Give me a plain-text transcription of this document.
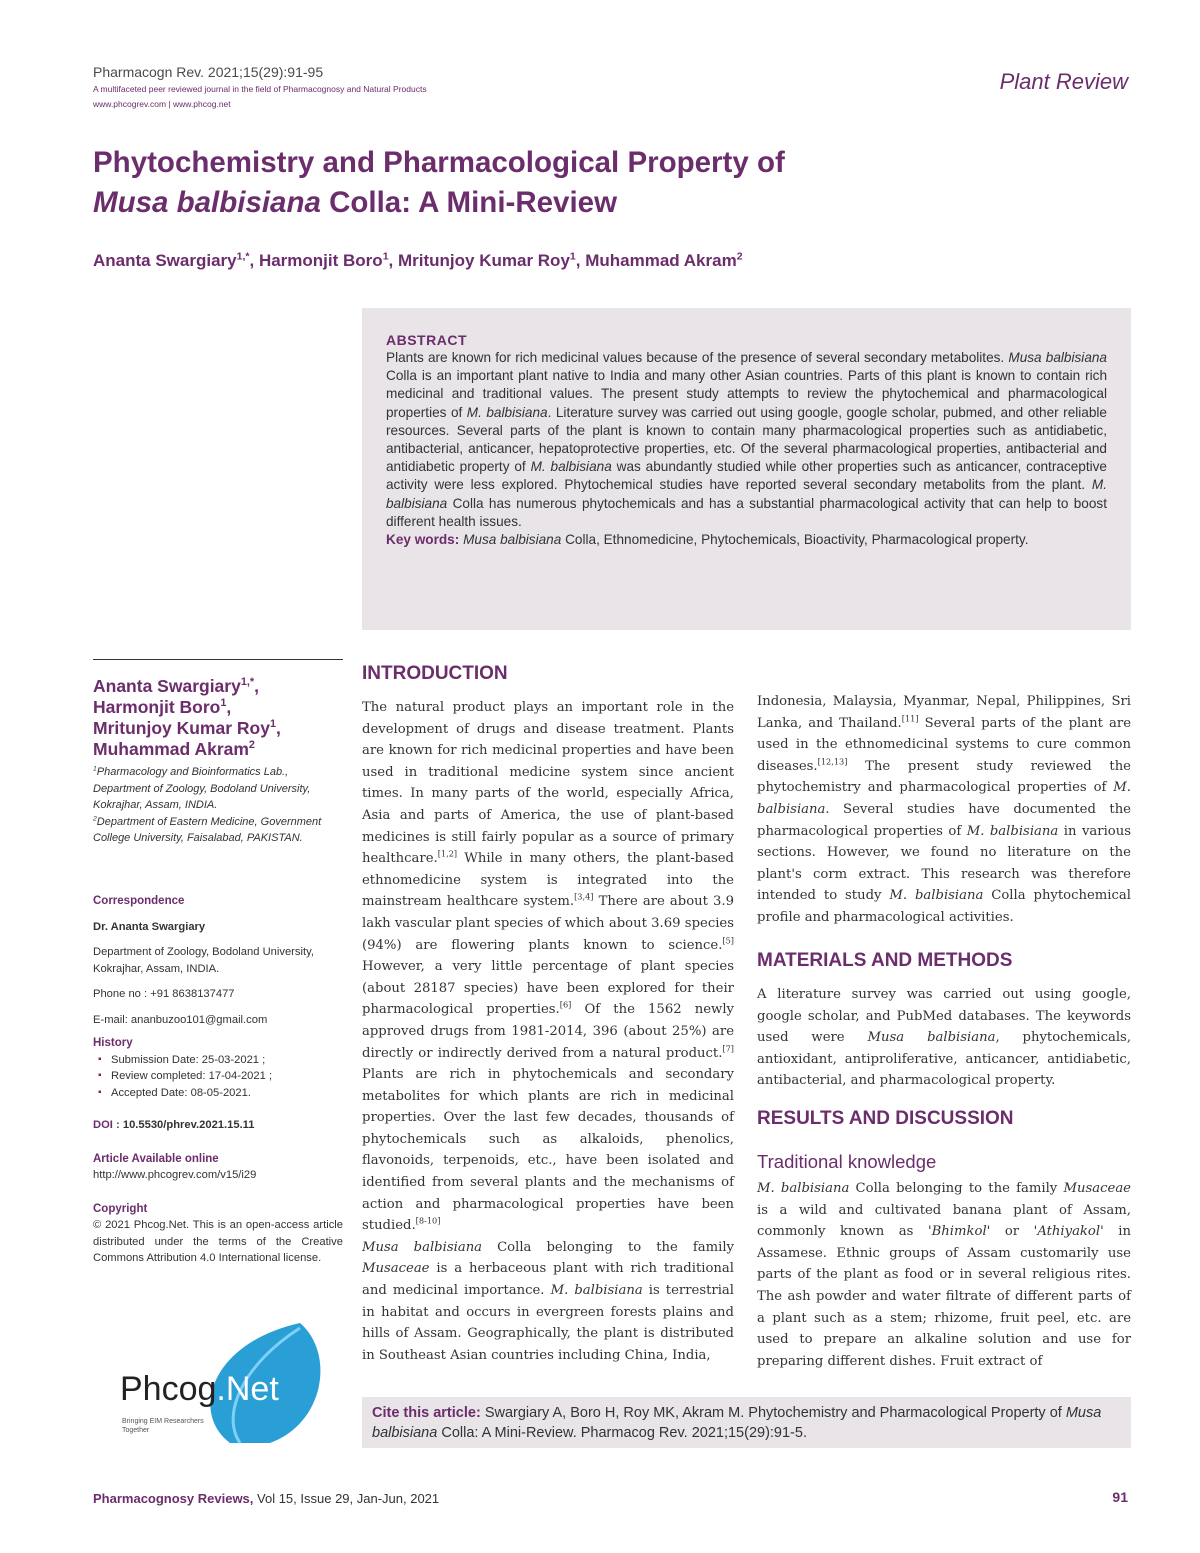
Pharmacogn Rev. 2021;15(29):91-95
A multifaceted peer reviewed journal in the field of Pharmacognosy and Natural Products
www.phcogrev.com | www.phcog.net
Plant Review
Phytochemistry and Pharmacological Property of
Musa balbisiana Colla: A Mini-Review
Ananta Swargiary$^{1,*}$, Harmonjit Boro$^1$, Mritunjoy Kumar Roy$^1$, Muhammad Akram$^2$
ABSTRACT
Plants are known for rich medicinal values because of the presence of several secondary metabolites. Musa balbisiana Colla is an important plant native to India and many other Asian countries. Parts of this plant is known to contain rich medicinal and traditional values. The present study attempts to review the phytochemical and pharmacological properties of M. balbisiana. Literature survey was carried out using google, google scholar, pubmed, and other reliable resources. Several parts of the plant is known to contain many pharmacological properties such as antidiabetic, antibacterial, anticancer, hepatoprotective properties, etc. Of the several pharmacological properties, antibacterial and antidiabetic property of M. balbisiana was abundantly studied while other properties such as anticancer, contraceptive activity were less explored. Phytochemical studies have reported several secondary metabolits from the plant. M. balbisiana Colla has numerous phytochemicals and has a substantial pharmacological activity that can help to boost different health issues.
Key words: Musa balbisiana Colla, Ethnomedicine, Phytochemicals, Bioactivity, Pharmacological property.
Ananta Swargiary$^{1,*}$,
Harmonjit Boro$^1$,
Mritunjoy Kumar Roy$^1$,
Muhammad Akram$^2$
$^1$Pharmacology and Bioinformatics Lab., Department of Zoology, Bodoland University, Kokrajhar, Assam, INDIA.
$^2$Department of Eastern Medicine, Government College University, Faisalabad, PAKISTAN.
Correspondence
Dr. Ananta Swargiary
Department of Zoology, Bodoland University, Kokrajhar, Assam, INDIA.
Phone no : +91 8638137477
E-mail: ananbuzoo101@gmail.com
History
▪ Submission Date: 25-03-2021 ;
▪ Review completed: 17-04-2021 ;
▪ Accepted Date: 08-05-2021.
DOI : 10.5530/phrev.2021.15.11
Article Available online
http://www.phcogrev.com/v15/i29
Copyright
© 2021 Phcog.Net. This is an open-access article distributed under the terms of the Creative Commons Attribution 4.0 International license.
Phcog.Net
Bringing EIM Researchers Together
INTRODUCTION
The natural product plays an important role in the development of drugs and disease treatment. Plants are known for rich medicinal properties and have been used in traditional medicine system since ancient times. In many parts of the world, especially Africa, Asia and parts of America, the use of plant-based medicines is still fairly popular as a source of primary healthcare.[1,2] While in many others, the plant-based ethnomedicine system is integrated into the mainstream healthcare system.[3,4] There are about 3.9 lakh vascular plant species of which about 3.69 species (94%) are flowering plants known to science.[5] However, a very little percentage of plant species (about 28187 species) have been explored for their pharmacological properties.[6] Of the 1562 newly approved drugs from 1981-2014, 396 (about 25%) are directly or indirectly derived from a natural product.[7] Plants are rich in phytochemicals and secondary metabolites for which plants are rich in medicinal properties. Over the last few decades, thousands of phytochemicals such as alkaloids, phenolics, flavonoids, terpenoids, etc., have been isolated and identified from several plants and the mechanisms of action and pharmacological properties have been studied.[8-10]
Musa balbisiana Colla belonging to the family Musaceae is a herbaceous plant with rich traditional and medicinal importance. M. balbisiana is terrestrial in habitat and occurs in evergreen forests plains and hills of Assam. Geographically, the plant is distributed in Southeast Asian countries including China, India,
Indonesia, Malaysia, Myanmar, Nepal, Philippines, Sri Lanka, and Thailand.[11] Several parts of the plant are used in the ethnomedicinal systems to cure common diseases.[12,13] The present study reviewed the phytochemistry and pharmacological properties of M. balbisiana. Several studies have documented the pharmacological properties of M. balbisiana in various sections. However, we found no literature on the plant's corm extract. This research was therefore intended to study M. balbisiana Colla phytochemical profile and pharmacological activities.
MATERIALS AND METHODS
A literature survey was carried out using google, google scholar, and PubMed databases. The keywords used were Musa balbisiana, phytochemicals, antioxidant, antiproliferative, anticancer, antidiabetic, antibacterial, and pharmacological property.
RESULTS AND DISCUSSION
Traditional knowledge
M. balbisiana Colla belonging to the family Musaceae is a wild and cultivated banana plant of Assam, commonly known as 'Bhimkol' or 'Athiyakol' in Assamese. Ethnic groups of Assam customarily use parts of the plant as food or in several religious rites. The ash powder and water filtrate of different parts of a plant such as a stem; rhizome, fruit peel, etc. are used to prepare an alkaline solution and use for preparing different dishes. Fruit extract of
Cite this article: Swargiary A, Boro H, Roy MK, Akram M. Phytochemistry and Pharmacological Property of Musa balbisiana Colla: A Mini-Review. Pharmacog Rev. 2021;15(29):91-5.
Pharmacognosy Reviews, Vol 15, Issue 29, Jan-Jun, 2021	91
